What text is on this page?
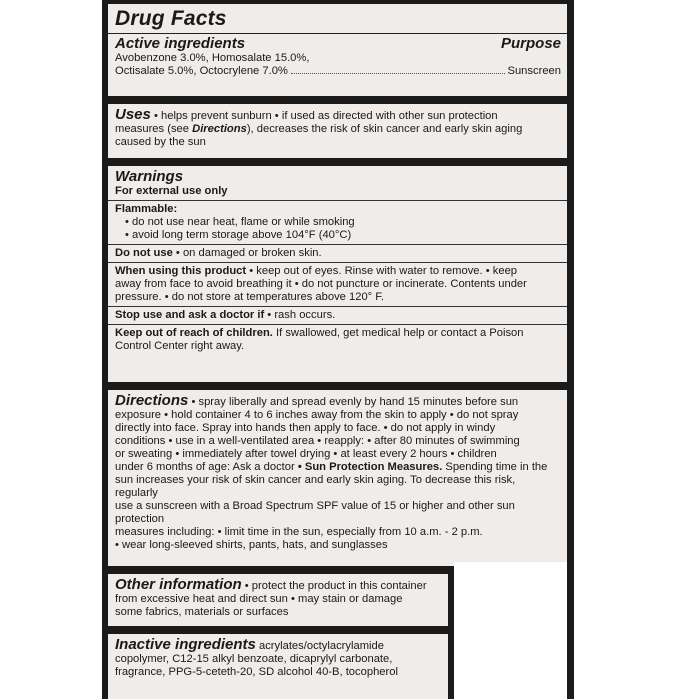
Drug Facts
Active ingredients	Purpose
Avobenzone 3.0%, Homosalate 15.0%,
Octisalate 5.0%, Octocrylene 7.0%	Sunscreen
Uses • helps prevent sunburn • if used as directed with other sun protection
measures (see Directions), decreases the risk of skin cancer and early skin aging
caused by the sun
Warnings
For external use only
Flammable:
• do not use near heat, flame or while smoking
• avoid long term storage above 104°F (40°C)
Do not use • on damaged or broken skin.
When using this product • keep out of eyes. Rinse with water to remove. • keep
away from face to avoid breathing it • do not puncture or incinerate. Contents under
pressure. • do not store at temperatures above 120° F.
Stop use and ask a doctor if • rash occurs.
Keep out of reach of children. If swallowed, get medical help or contact a Poison
Control Center right away.
Directions • spray liberally and spread evenly by hand 15 minutes before sun
exposure • hold container 4 to 6 inches away from the skin to apply • do not spray
directly into face. Spray into hands then apply to face. • do not apply in windy
conditions • use in a well-ventilated area • reapply: • after 80 minutes of swimming
or sweating • immediately after towel drying • at least every 2 hours • children
under 6 months of age: Ask a doctor • Sun Protection Measures. Spending time in the
sun increases your risk of skin cancer and early skin aging. To decrease this risk, regularly
use a sunscreen with a Broad Spectrum SPF value of 15 or higher and other sun protection
measures including: • limit time in the sun, especially from 10 a.m. - 2 p.m.
• wear long-sleeved shirts, pants, hats, and sunglasses
Other information • protect the product in this container
from excessive heat and direct sun • may stain or damage
some fabrics, materials or surfaces
Inactive ingredients acrylates/octylacrylamide
copolymer, C12-15 alkyl benzoate, dicaprylyl carbonate,
fragrance, PPG-5-ceteth-20, SD alcohol 40-B, tocopherol
